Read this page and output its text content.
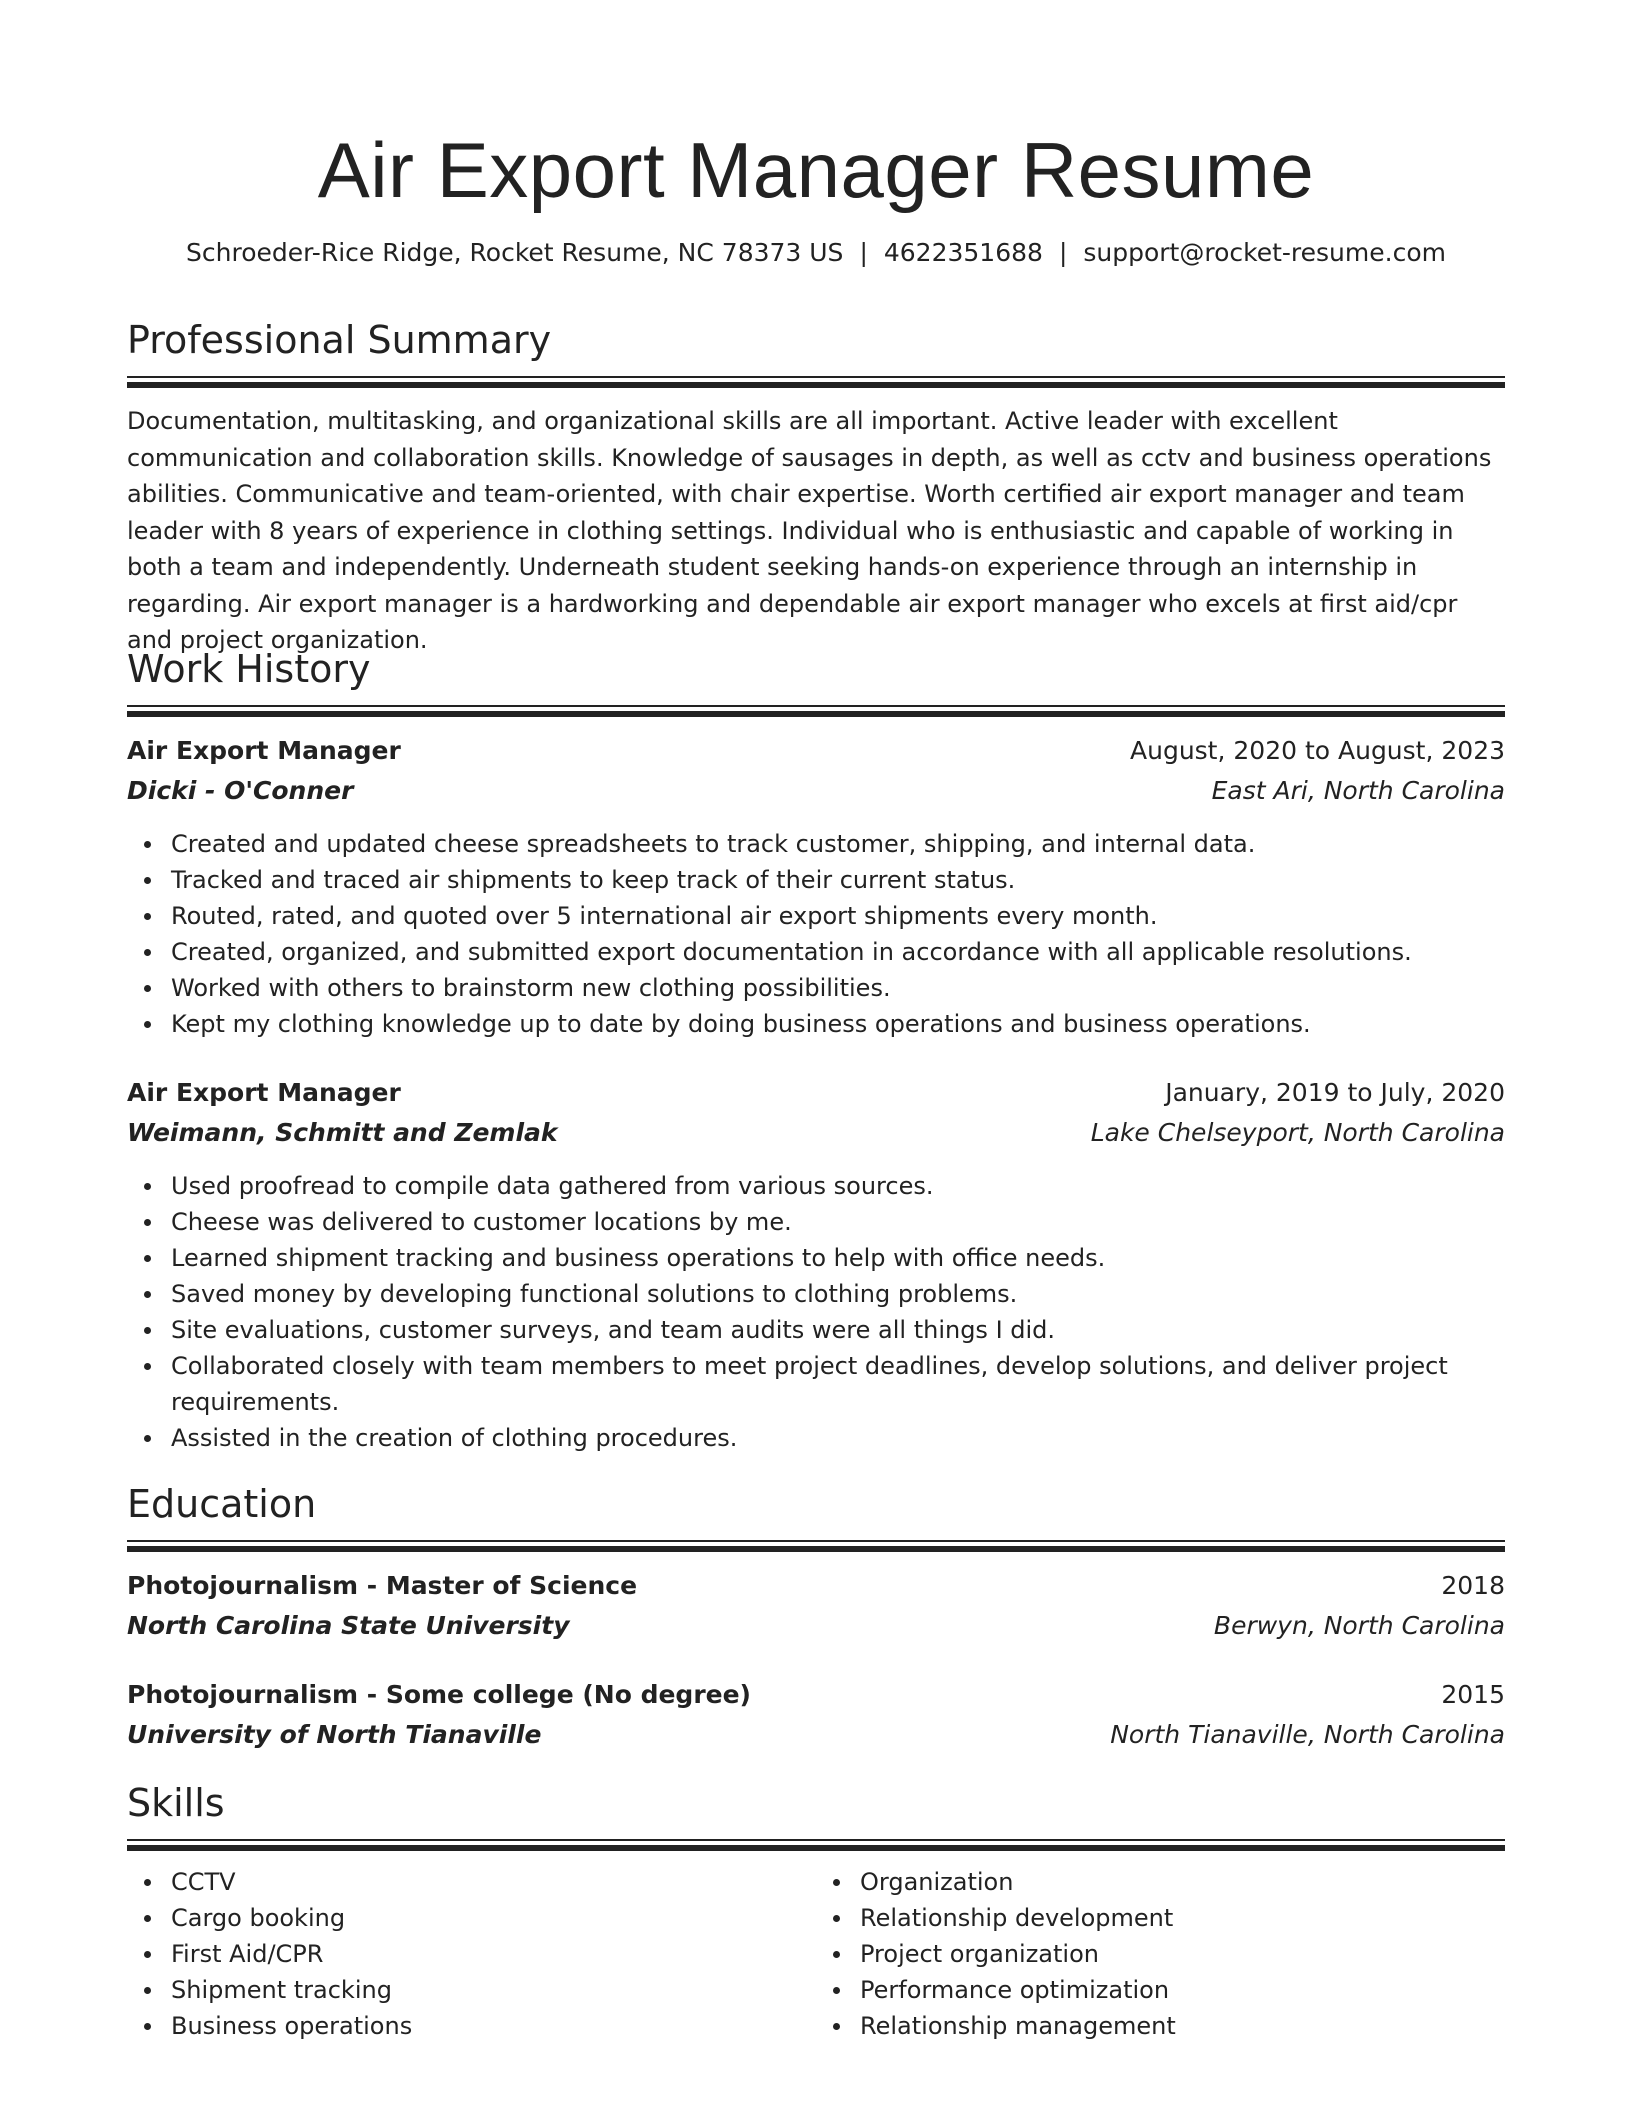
Air Export Manager Resume
Schroeder-Rice Ridge, Rocket Resume, NC 78373 US | 4622351688 | support@rocket-resume.com
Professional Summary

Documentation, multitasking, and organizational skills are all important. Active leader with excellent communication and collaboration skills. Knowledge of sausages in depth, as well as cctv and business operations abilities. Communicative and team-oriented, with chair expertise. Worth certified air export manager and team leader with 8 years of experience in clothing settings. Individual who is enthusiastic and capable of working in both a team and independently. Underneath student seeking hands-on experience through an internship in regarding. Air export manager is a hardworking and dependable air export manager who excels at first aid/cpr and project organization.

Work History
Air Export Manager	August, 2020 to August, 2023
Dicki - O'Conner	East Ari, North Carolina
Created and updated cheese spreadsheets to track customer, shipping, and internal data.
Tracked and traced air shipments to keep track of their current status.
Routed, rated, and quoted over 5 international air export shipments every month.
Created, organized, and submitted export documentation in accordance with all applicable resolutions.
Worked with others to brainstorm new clothing possibilities.
Kept my clothing knowledge up to date by doing business operations and business operations.
Air Export Manager	January, 2019 to July, 2020
Weimann, Schmitt and Zemlak	Lake Chelseyport, North Carolina
Used proofread to compile data gathered from various sources.
Cheese was delivered to customer locations by me.
Learned shipment tracking and business operations to help with office needs.
Saved money by developing functional solutions to clothing problems.
Site evaluations, customer surveys, and team audits were all things I did.
Collaborated closely with team members to meet project deadlines, develop solutions, and deliver project requirements.
Assisted in the creation of clothing procedures.
Education
Photojournalism - Master of Science	2018
North Carolina State University	Berwyn, North Carolina
Photojournalism - Some college (No degree)	2015
University of North Tianaville	North Tianaville, North Carolina
Skills
CCTV
Cargo booking
First Aid/CPR
Shipment tracking
Business operations
Organization
Relationship development
Project organization
Performance optimization
Relationship management
